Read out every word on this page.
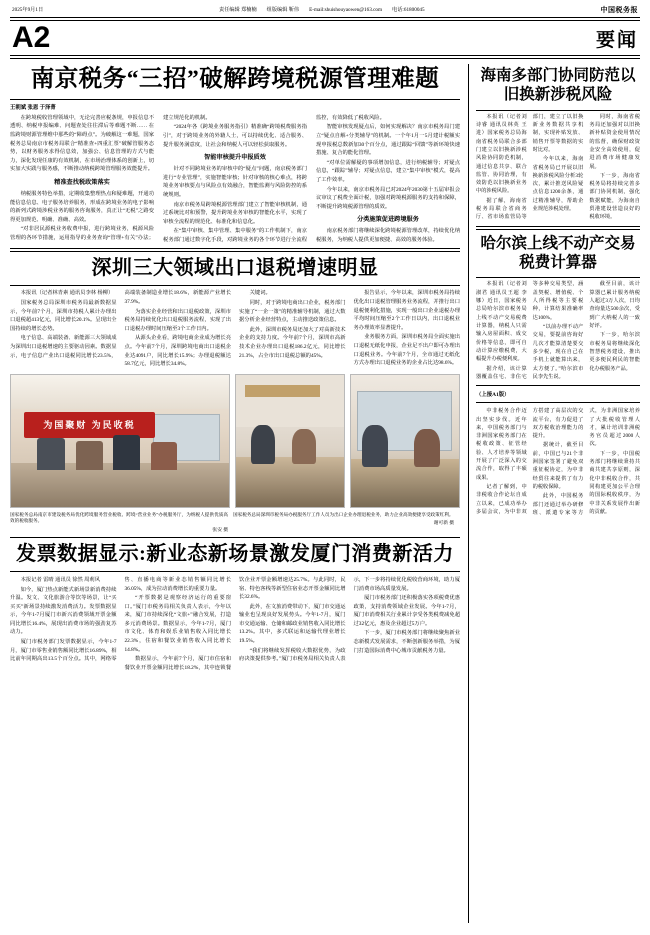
2025年9月1日	责任编辑 郑楠楠 组版编辑 靳伟 E-mail:shuishouyaowen@163.com 电话:61800045	中国税务报
A2	要闻
南京税务“三招”破解跨境税源管理难题
王朝斌 张恩 于泽菁

在跨境税收管理领域中，无论完善应税条规，申报信息不透明、纳税申报编难、问题查处往往滞后等难题不断…… 在监跨境财源管理维中那些的“障碍点”。为破解这一难题，国家税务总局南京市税务局联合“精准查+四重汇票”破解管服务态势，以财务服务求得信息效，加强公、信息管理的方式与能力，深化发现任康的有效机制，在市场治理体系的创新上，切实加大实践与服务感，不断推动纳税跨境管理服务效能提升。

精准查找税政策落实

纳税服务特色举措，定期收集整理热点和疑难题，开通功能信息信息、电子服务培养服务，形成在跨境业务的电子影响的新列式跨境涉税业务的服务咨询服务，真正让“无税”之路变得更加规范、明确、准确、高效。

“对非居民源税业务收费申报，进行跨境业务，税源风险管理的各环节措施，运用指导的业务查询“管理+有关”办法；建立规范化的机制。

“2024年各《跨境业务服务指引》精准确“跨境税费服务指引”，对于跨境业务的外籍人士，可以持续优化、适合服务、提升服务满意度，让社会和纳税人可以轻松获取服务。

智能审核提升申报质效

针对不同跨境业务的审核中的“疑点”问题，南京税务部门进行“专业管理”，实施智能审核；针对审核的核心难点，将跨境业务审核要点与风险点有效融合，智能监测与风险防控的系统规则。

南京市税务局跨境税源管理部门建立了智能审核机制，通过系统比对和预警，提升跨境业务审核的智能化水平，实现了审核全流程的规范化、标准化和信息化。

在“集中审核、集中管理、集中服务”的工作机制下，南京税务部门通过数字化手段，对跨境业务的各个环节进行全流程监控，有效降低了税收风险。

智能审核发现疑点后，如何实现解决？南京市税务局门建立“疑点自解+分类辅导”的机制。一个年1月一5月建计税额实现申报税总数新加30个百分点，通过跟踪“回馈”等新环境快速措施、复合的能化管理。

“对单位需解疑的事项增加信息，进行纳税辅导；对疑点信息，“跟踪”辅导；对疑点信息，建立“集中审核”模式，提高了工作效率。

今年以来，南京市税务局已对2024年2030第十五届审报会议审议了税费全面计税，加强对跨境税源服务的支持和保障，不断提升跨境税源管理的质效。

分类施策促进跨境服务

南京税务部门将继续深化跨境税源管理改革，持续优化纳税服务，为纳税人提供更加便捷、高效的服务体验。

深圳三大领域出口退税增速明显

本报讯（记者林青素 通讯员李林 杨柳）

国家税务总局深圳市税务局最新数据显示，今年前7个月，深圳市持税人累计办理出口退税超413亿元，同比增长20.1%。呈现出全国持续的增长态势。

电子信息、高端装备、新能源三大领域成为深圳出口退税增速的主要驱动因素。数据显示，电子信息产业出口退税同比增长23.5%，高端装备制造业增长18.6%，新能源产业增长37.9%。

为落实企业经营和出口退税政策，深圳市税务局持续优化出口退税服务流程，实现了出口退税办理时间压缩至3个工作日内。

从源头企业看，跨境电商企业成为增长亮点。今年前7个月，深圳跨境电商出口退税企业达4091户，同比增长15.9%；办理退税额达58.7亿元，同比增长34.8%。

关键词。

同时，对于跨境电商出口企业，税务部门实施了“一企一策”的精准辅导机制，通过大数据分析企业经营特点，主动推送政策信息。

此外，深圳市税务局还加大了对高新技术企业的支持力度。今年前7个月，深圳市高新技术企业办理出口退税186.2亿元，同比增长21.3%，占全市出口退税总额的45%。

报告显示，今年以来，深圳市税务局持续优化出口退税管理服务业务流程，并推行出口退税便利化措施，实现一般出口企业退税办理平均时间压缩至2个工作日以内，出口退税业务办理效率显著提升。

业务服务方面，深圳市税务局全面实施出口退税无纸化申报，企业足不出户即可办理出口退税业务。今年前7个月，全市通过无纸化方式办理出口退税业务的企业占比达98.6%。

为国聚财 为民收税
国家税务总局南京市建设税务局优化跨境服务营业税收、跨境“营业业务”办税服务厅，为纳税人提供优质高效的税收服务。
张安 摄
国家税务总局深圳市税务局办税服务厅工作人员为出口企业办理退税业务，助力企业高效便捷享受政策红利。
谢可新 摄
发票数据显示:新业态新场景激发厦门消费新活力

本报记者 雷晴 通讯员 徐然 周莉风

如今，厦门热点新能式新场景新消费持续升温。发文、文化旅游合等饮等场景，让“买买买”新场景持续激发消费活力。发票数据显示，今年1-7月厦门市新兴消费领域开票金额同比增长16.4%，展现出消费市场的强劲复苏动力。

厦门市税务部门发票数据显示，今年1-7月，厦门市零售业销售额同比增长16.89%，相比前年同期高出13.5个百分点。其中，网络零售、直播电商等新业态销售额同比增长36.05%，成为拉动消费增长的重要力量。

“开票数据是观察经济运行的重要窗口。”厦门市税务局相关负责人表示，今年以来，厦门市持续深化“文旅+”融合发展，打造多元消费场景。数据显示，今年1-7月，厦门市文化、体育和娱乐业销售收入同比增长22.3%，住宿和餐饮业销售收入同比增长14.8%。

数据显示，今年前7个月，厦门市住宿和餐饮业开票金额同比增长18.2%，其中连锁餐饮企业开票金额增速达25.7%。与此同时，民宿、特色客栈等新型住宿业态开票金额同比增长32.6%。

此外，在文旅消费带动下，厦门市交通运输业也呈现良好发展势头。今年1-7月，厦门市交通运输、仓储和邮政业销售收入同比增长13.2%。其中，多式联运和运输代理业增长19.5%。

“我们将继续发挥税收大数据优势，为政府决策提供参考。”厦门市税务局相关负责人表示，下一步将持续优化税收营商环境，助力厦门消费市场高质量发展。

厦门市税务部门还积极落实各项税费优惠政策，支持消费领域企业发展。今年1-7月，厦门市消费相关行业累计享受各类税费减免超过32亿元，惠及企业超过5万户。

下一步，厦门市税务部门将继续聚焦新业态新模式发展需求，不断创新服务举措，为厦门打造国际消费中心城市贡献税务力量。

海南多部门协同防范以旧换新涉税风险

本报讯（记者刘诗睿 通讯员林英 王进）国家税务总局海南省税务局联合多部门建立以旧换新涉税风险协同防范机制，通过信息共享、联合监管、协同治理，有效防范以旧换新业务中的涉税风险。

据了解，海南省税务局联合省商务厅、省市场监管局等部门，建立了以旧换新业务数据共享机制，实现补贴发放、销售开票等数据的实时比对。

今年以来，海南省税务局已开展以旧换新涉税风险分析3轮次，累计推送风险疑点信息1200余条，通过精准辅导，帮助企业规范涉税处理。

同时，海南省税务局还加强对以旧换新补贴资金使用情况的监督，确保财政资金安全高效使用，促进消费市场健康发展。

下一步，海南省税务局将持续完善多部门协同机制，强化数据赋能，为海南自贸港建设营造良好的税收环境。

哈尔滨上线不动产交易税费计算器

本报讯（记者刘淑君 通讯员王超 李娜）近日，国家税务总局哈尔滨市税务局上线不动产交易税费计算器，纳税人只需输入房屋面积、成交价格等信息，即可自动计算应缴税费，大幅提升办税便利度。

据介绍，该计算器覆盖住宅、非住宅等多种交易类型，涵盖契税、增值税、个人所得税等主要税种，计算结果准确率达100%。

“以前办理不动产交易，要提前咨询好几次才能算清楚要交多少税，现在自己在手机上就能算出来，太方便了。”哈尔滨市民李先生说。

截至目前，该计算器已累计服务纳税人超过3万人次，日均查询量达500余次，受到广大纳税人的一致好评。

下一步，哈尔滨市税务局将继续深化智慧税务建设，推出更多便民利民的智能化办税服务产品。

（上接A1版）

中非税务合作迈出坚实步伐。近年来，中国税务部门与非洲国家税务部门在税收政策、征管经验、人才培养等领域开展了广泛深入的交流合作，取得了丰硕成果。

记者了解到，中非税收合作论坛自成立以来，已成功举办多届会议，为中非双方搭建了高层次的交流平台，有力促进了双方税收治理能力的提升。

据统计，截至目前，中国已与21个非洲国家签署了避免双重征税协定，为中非经贸往来提供了有力的税收保障。

此外，中国税务部门还通过举办研修班、派遣专家等方式，为非洲国家培养了大批税收管理人才，累计培训非洲税务官员超过2000人次。

下一步，中国税务部门将继续秉持共商共建共享原则，深化中非税收合作，共同构建更加公平合理的国际税收秩序，为中非关系发展作出新的贡献。
